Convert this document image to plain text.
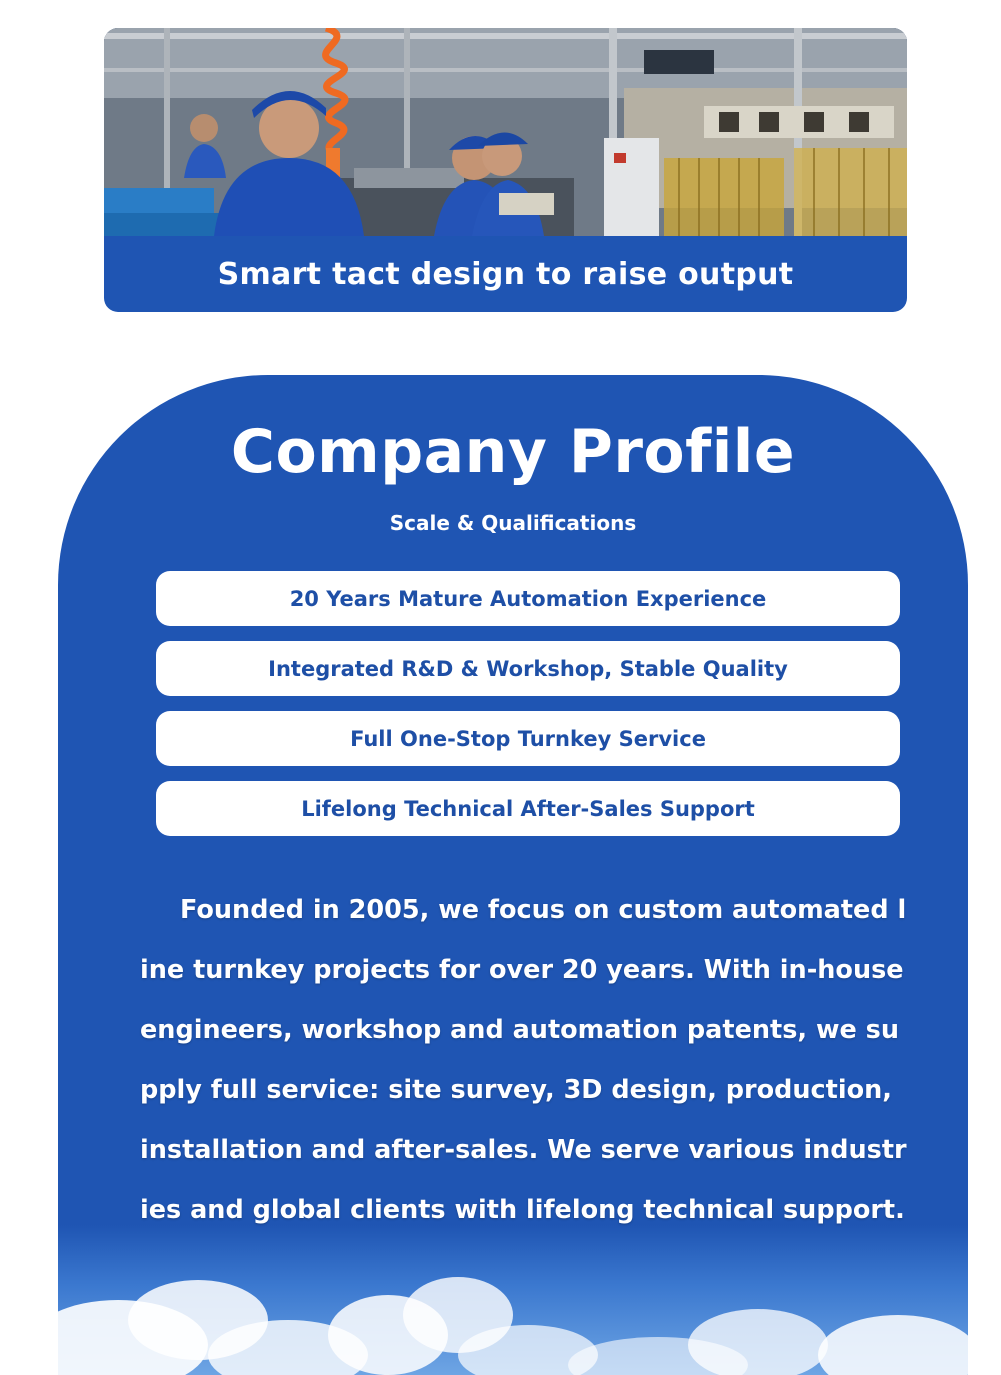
Smart tact design to raise output
Company Profile
Scale & Qualifications
20 Years Mature Automation Experience
Integrated R&D & Workshop, Stable Quality
Full One-Stop Turnkey Service
Lifelong Technical After-Sales Support

Founded in 2005, we focus on custom automated line turnkey projects for over 20 years. With in-house engineers, workshop and automation patents, we supply full service: site survey, 3D design, production, installation and after-sales. We serve various industries and global clients with lifelong technical support.
